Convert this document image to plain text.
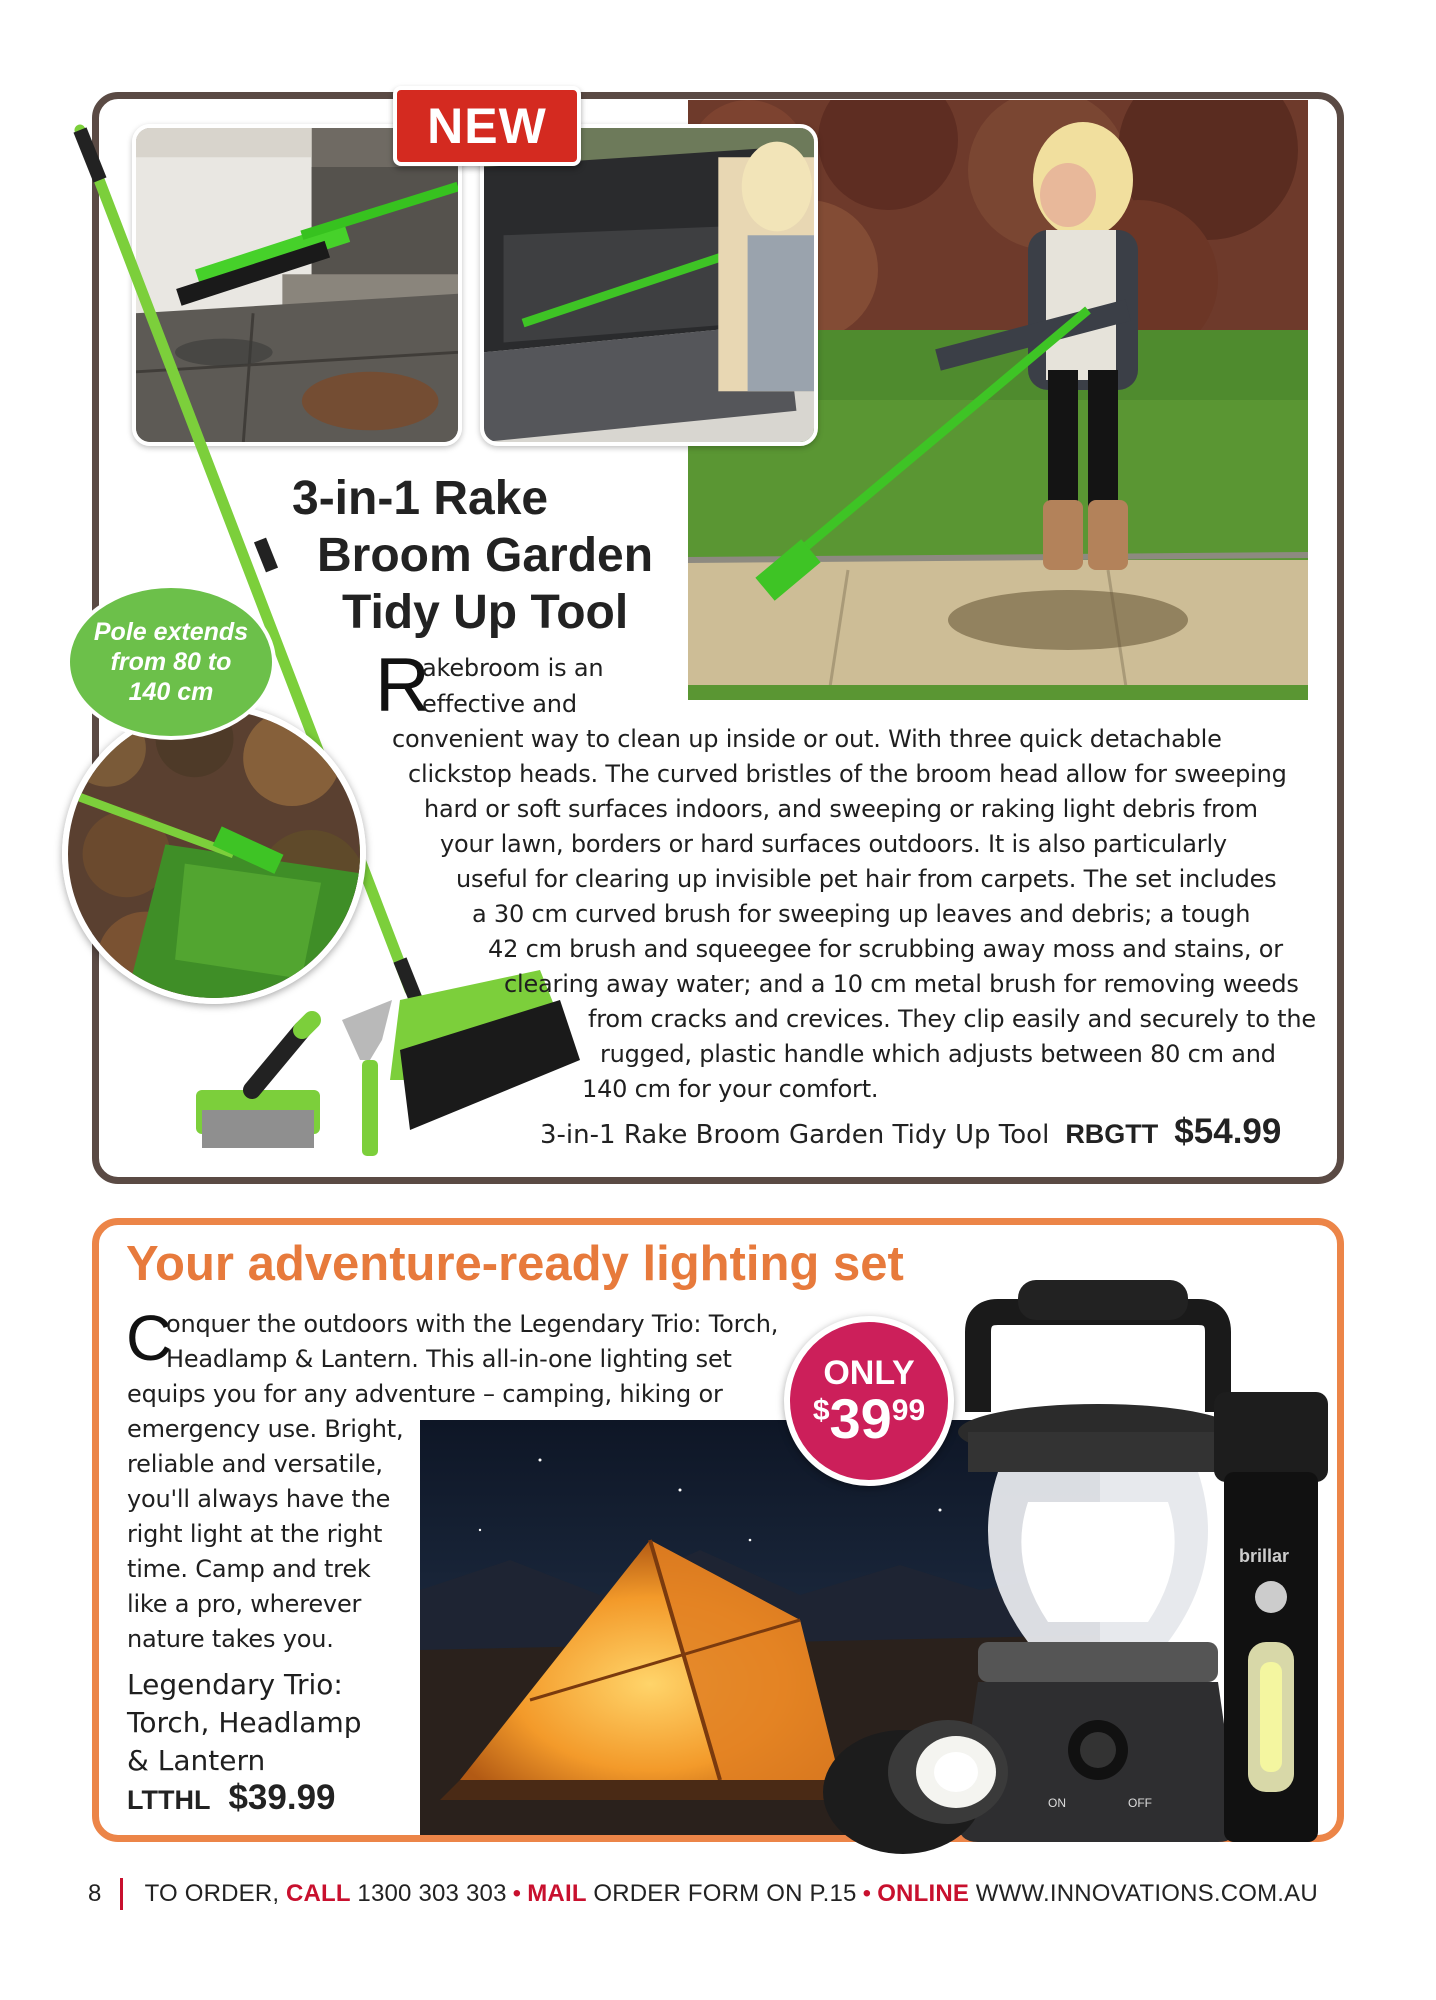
NEW
3-in-1 Rake
Broom Garden
Tidy Up Tool
Pole extends
from 80 to
140 cm	R
akebroom is an
effective and
convenient way to clean up inside or out. With three quick detachable
clickstop heads. The curved bristles of the broom head allow for sweeping
hard or soft surfaces indoors, and sweeping or raking light debris from
your lawn, borders or hard surfaces outdoors. It is also particularly
useful for clearing up invisible pet hair from carpets. The set includes
a 30 cm curved brush for sweeping up leaves and debris; a tough
42 cm brush and squeegee for scrubbing away moss and stains, or
clearing away water; and a 10 cm metal brush for removing weeds
from cracks and crevices. They clip easily and securely to the
rugged, plastic handle which adjusts between 80 cm and
140 cm for your comfort.
3-in-1 Rake Broom Garden Tidy Up Tool RBGTT $54.99
Your adventure-ready lighting set
C
onquer the outdoors with the Legendary Trio: Torch,
Headlamp & Lantern. This all-in-one lighting set
equips you for any adventure – camping, hiking or
emergency use. Bright,
reliable and versatile,
you'll always have the
right light at the right
time. Camp and trek
like a pro, wherever
nature takes you.
Legendary Trio:
Torch, Headlamp
& Lantern
LTTHL $39.99	ON	OFF
brillar
ONLY
$ 39 99
8 TO ORDER,
CALL
1300 303 303 • MAIL
ORDER FORM ON P.15 • ONLINE
WWW.INNOVATIONS.COM.AU
